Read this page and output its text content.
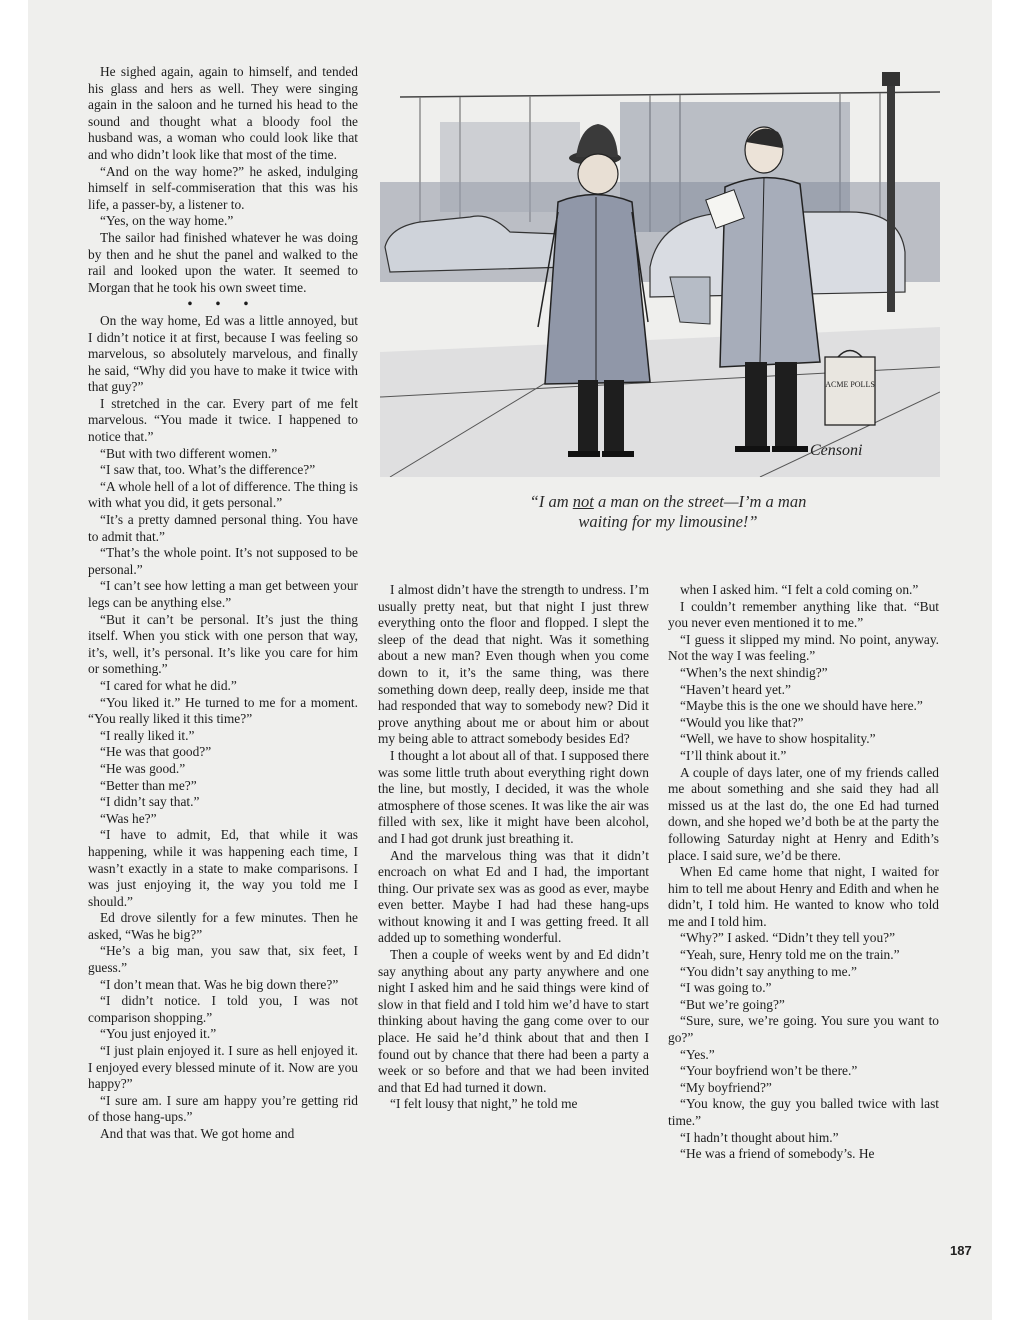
He sighed again, again to himself, and tended his glass and hers as well. They were singing again in the saloon and he turned his head to the sound and thought what a bloody fool the husband was, a woman who could look like that and who didn’t look like that most of the time.

“And on the way home?” he asked, indulging himself in self-commiseration that this was his life, a passer-by, a listener to.

“Yes, on the way home.”

The sailor had finished whatever he was doing by then and he shut the panel and walked to the rail and looked upon the water. It seemed to Morgan that he took his own sweet time.

• • •

On the way home, Ed was a little annoyed, but I didn’t notice it at first, because I was feeling so marvelous, so absolutely marvelous, and finally he said, “Why did you have to make it twice with that guy?”

I stretched in the car. Every part of me felt marvelous. “You made it twice. I happened to notice that.”

“But with two different women.”

“I saw that, too. What’s the difference?”

“A whole hell of a lot of difference. The thing is with what you did, it gets personal.”

“It’s a pretty damned personal thing. You have to admit that.”

“That’s the whole point. It’s not supposed to be personal.”

“I can’t see how letting a man get between your legs can be anything else.”

“But it can’t be personal. It’s just the thing itself. When you stick with one person that way, it’s, well, it’s personal. It’s like you care for him or something.”

“I cared for what he did.”

“You liked it.” He turned to me for a moment. “You really liked it this time?”

“I really liked it.”

“He was that good?”

“He was good.”

“Better than me?”

“I didn’t say that.”

“Was he?”

“I have to admit, Ed, that while it was happening, while it was happening each time, I wasn’t exactly in a state to make comparisons. I was just enjoying it, the way you told me I should.”

Ed drove silently for a few minutes. Then he asked, “Was he big?”

“He’s a big man, you saw that, six feet, I guess.”

“I don’t mean that. Was he big down there?”

“I didn’t notice. I told you, I was not comparison shopping.”

“You just enjoyed it.”

“I just plain enjoyed it. I sure as hell enjoyed it. I enjoyed every blessed minute of it. Now are you happy?”

“I sure am. I sure am happy you’re getting rid of those hang-ups.”

And that was that. We got home and

ACME POLLS
Censoni
“I am not a man on the street—I’m a man
waiting for my limousine!”

I almost didn’t have the strength to undress. I’m usually pretty neat, but that night I just threw everything onto the floor and flopped. I slept the sleep of the dead that night. Was it something about a new man? Even though when you come down to it, it’s the same thing, was there something down deep, really deep, inside me that had responded that way to somebody new? Did it prove anything about me or about him or about my being able to attract somebody besides Ed?

I thought a lot about all of that. I supposed there was some little truth about everything right down the line, but mostly, I decided, it was the whole atmosphere of those scenes. It was like the air was filled with sex, like it might have been alcohol, and I had got drunk just breathing it.

And the marvelous thing was that it didn’t encroach on what Ed and I had, the important thing. Our private sex was as good as ever, maybe even better. Maybe I had had these hang-ups without knowing it and I was getting freed. It all added up to something wonderful.

Then a couple of weeks went by and Ed didn’t say anything about any party anywhere and one night I asked him and he said things were kind of slow in that field and I told him we’d have to start thinking about having the gang come over to our place. He said he’d think about that and then I found out by chance that there had been a party a week or so before and that we had been invited and that Ed had turned it down.

“I felt lousy that night,” he told me

when I asked him. “I felt a cold coming on.”

I couldn’t remember anything like that. “But you never even mentioned it to me.”

“I guess it slipped my mind. No point, anyway. Not the way I was feeling.”

“When’s the next shindig?”

“Haven’t heard yet.”

“Maybe this is the one we should have here.”

“Would you like that?”

“Well, we have to show hospitality.”

“I’ll think about it.”

A couple of days later, one of my friends called me about something and she said they had all missed us at the last do, the one Ed had turned down, and she hoped we’d both be at the party the following Saturday night at Henry and Edith’s place. I said sure, we’d be there.

When Ed came home that night, I waited for him to tell me about Henry and Edith and when he didn’t, I told him. He wanted to know who told me and I told him.

“Why?” I asked. “Didn’t they tell you?”

“Yeah, sure, Henry told me on the train.”

“You didn’t say anything to me.”

“I was going to.”

“But we’re going?”

“Sure, sure, we’re going. You sure you want to go?”

“Yes.”

“Your boyfriend won’t be there.”

“My boyfriend?”

“You know, the guy you balled twice with last time.”

“I hadn’t thought about him.”

“He was a friend of somebody’s. He

187
